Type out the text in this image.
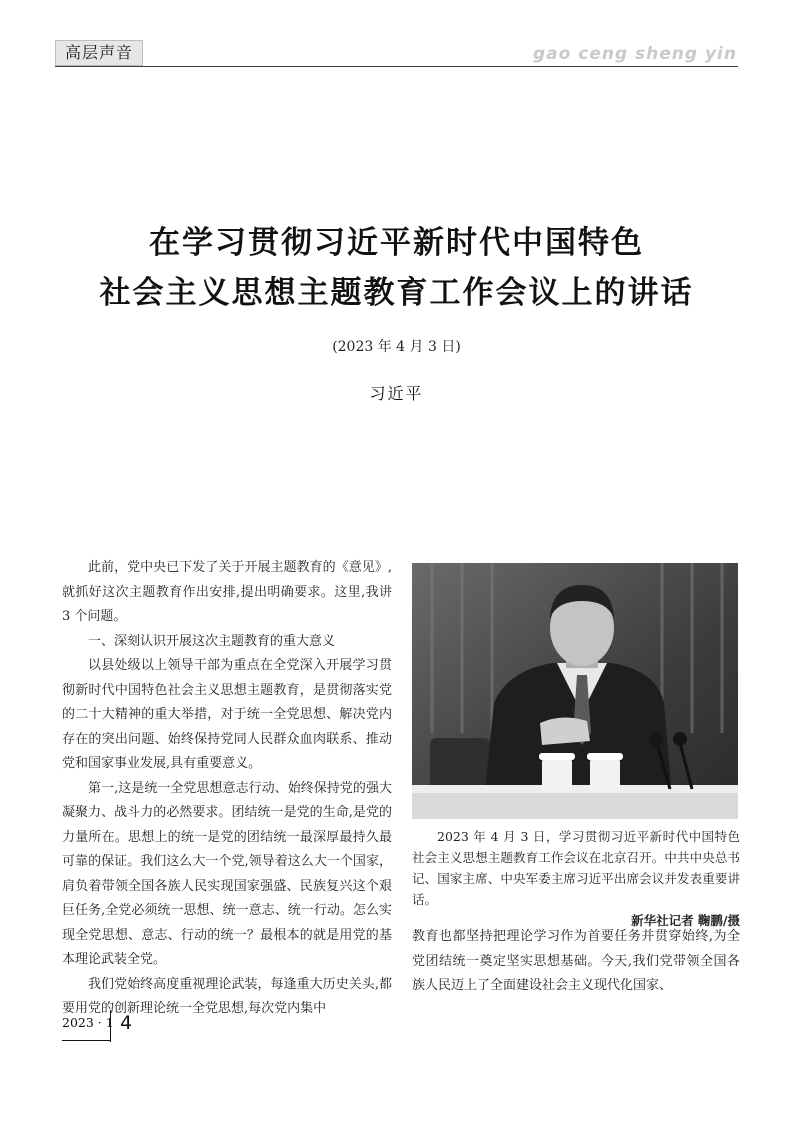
高层声音	gao ceng sheng yin
在学习贯彻习近平新时代中国特色
社会主义思想主题教育工作会议上的讲话
(2023 年 4 月 3 日)
习近平

此前，党中央已下发了关于开展主题教育的《意见》,就抓好这次主题教育作出安排,提出明确要求。这里,我讲 3 个问题。

一、深刻认识开展这次主题教育的重大意义

以县处级以上领导干部为重点在全党深入开展学习贯彻新时代中国特色社会主义思想主题教育，是贯彻落实党的二十大精神的重大举措，对于统一全党思想、解决党内存在的突出问题、始终保持党同人民群众血肉联系、推动党和国家事业发展,具有重要意义。

第一,这是统一全党思想意志行动、始终保持党的强大凝聚力、战斗力的必然要求。团结统一是党的生命,是党的力量所在。思想上的统一是党的团结统一最深厚最持久最可靠的保证。我们这么大一个党,领导着这么大一个国家，肩负着带领全国各族人民实现国家强盛、民族复兴这个艰巨任务,全党必须统一思想、统一意志、统一行动。怎么实现全党思想、意志、行动的统一？最根本的就是用党的基本理论武装全党。

我们党始终高度重视理论武装，每逢重大历史关头,都要用党的创新理论统一全党思想,每次党内集中

2023 年 4 月 3 日，学习贯彻习近平新时代中国特色社会主义思想主题教育工作会议在北京召开。中共中央总书记、国家主席、中央军委主席习近平出席会议并发表重要讲话。

新华社记者 鞠鹏/摄

教育也都坚持把理论学习作为首要任务并贯穿始终,为全党团结统一奠定坚实思想基础。今天,我们党带领全国各族人民迈上了全面建设社会主义现代化国家、

2023 · 1 4
